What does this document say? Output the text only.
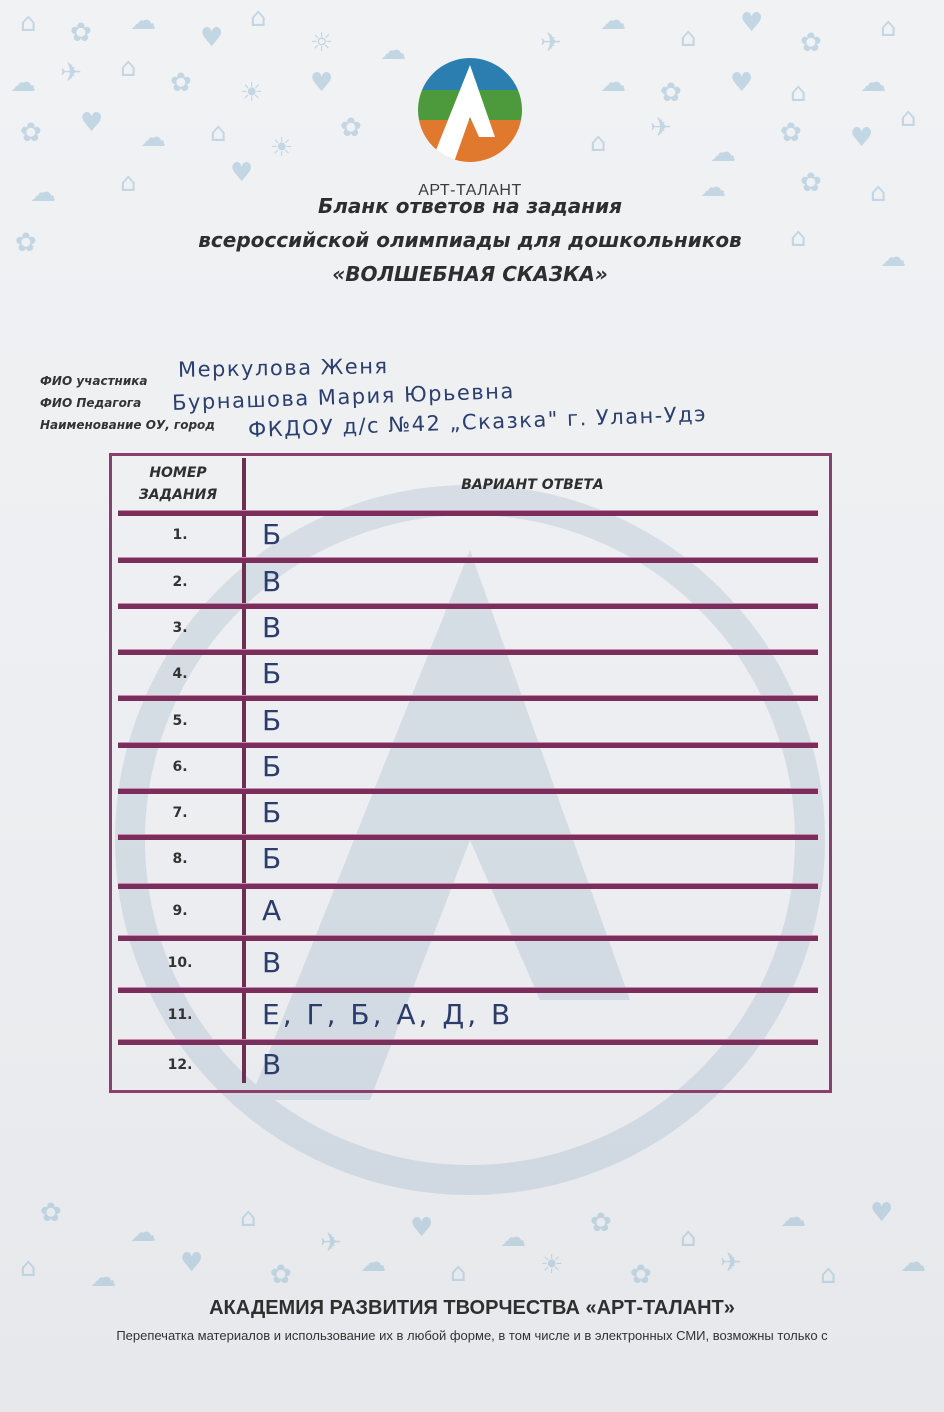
⌂ ✿ ☁
♥
⌂
☼ ☁	✈
☁
⌂ ♥
✿ ⌂
☁ ✈ ⌂ ✿ ☀ ♥	☁ ✿ ♥ ⌂ ☁
✿ ♥ ☁ ⌂ ☀
✿	⌂ ✈
☁
✿ ♥
⌂
☁ ⌂	♥	☁	✿ ⌂
✿	⌂
☁
✿
☁	⌂
✈	♥	☁ ✿	⌂
☁ ♥
⌂ ☁ ♥	✿	☁ ⌂	☀	✿	✈	⌂ ☁
АРТ-ТАЛАНТ
Бланк ответов на задания
всероссийской олимпиады для дошкольников
«ВОЛШЕБНАЯ СКАЗКА»
ФИО участника Меркулова Женя
ФИО Педагога Бурнашова Мария Юрьевна
Наименование ОУ, город ФКДОУ д/с №42 „Сказка" г. Улан-Удэ
НОМЕР ЗАДАНИЯ
ВАРИАНТ ОТВЕТА
1.	Б
2.	В
3.	В
4.	Б
5.	Б
6.	Б
7.	Б
8.	Б
9.	А
10.	В
11.	Е, Г, Б, А, Д, В
12.	В
АКАДЕМИЯ РАЗВИТИЯ ТВОРЧЕСТВА «АРТ-ТАЛАНТ»
Перепечатка материалов и использование их в любой форме, в том числе и в электронных СМИ, возможны только с
